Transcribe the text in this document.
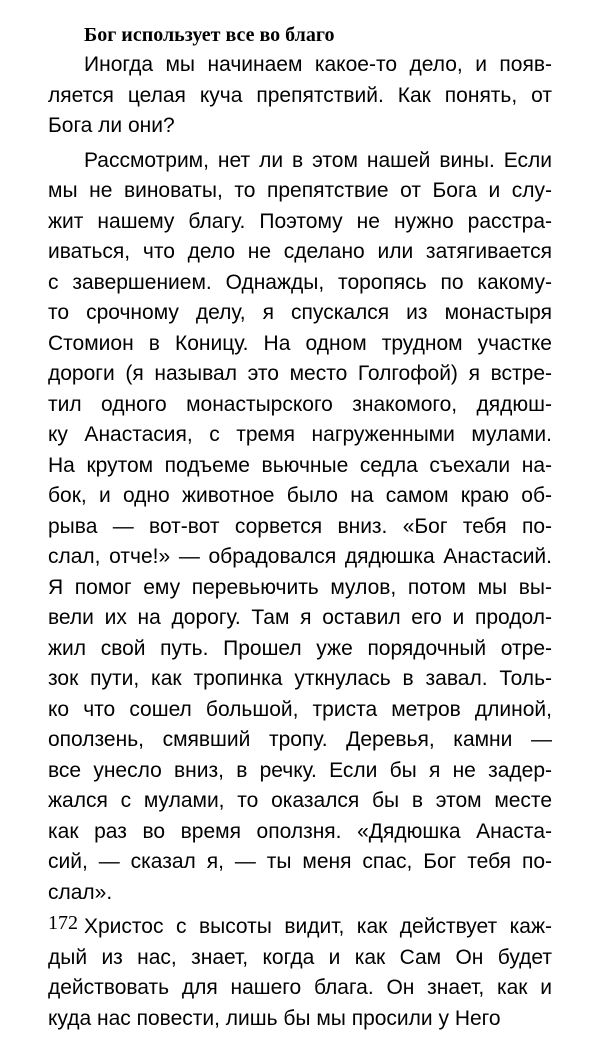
Бог использует все во благо
Иногда мы начинаем какое-то дело, и появ-
ляется целая куча препятствий. Как понять, от
Бога ли они?
Рассмотрим, нет ли в этом нашей вины. Если
мы не виноваты, то препятствие от Бога и слу-
жит нашему благу. Поэтому не нужно расстра-
иваться, что дело не сделано или затягивается
с завершением. Однажды, торопясь по какому-
то срочному делу, я спускался из монастыря
Стомион в Коницу. На одном трудном участке
дороги (я называл это место Голгофой) я встре-
тил одного монастырского знакомого, дядюш-
ку Анастасия, с тремя нагруженными мулами.
На крутом подъеме вьючные седла съехали на-
бок, и одно животное было на самом краю об-
рыва — вот-вот сорвется вниз. «Бог тебя по-
слал, отче!» — обрадовался дядюшка Анастасий.
Я помог ему перевьючить мулов, потом мы вы-
вели их на дорогу. Там я оставил его и продол-
жил свой путь. Прошел уже порядочный отре-
зок пути, как тропинка уткнулась в завал. Толь-
ко что сошел большой, триста метров длиной,
оползень, смявший тропу. Деревья, камни —
все унесло вниз, в речку. Если бы я не задер-
жался с мулами, то оказался бы в этом месте
как раз во время оползня. «Дядюшка Анаста-
сий, — сказал я, — ты меня спас, Бог тебя по-
слал».
Христос с высоты видит, как действует каж-
дый из нас, знает, когда и как Сам Он будет
действовать для нашего блага. Он знает, как и
куда нас повести, лишь бы мы просили у Него

172
